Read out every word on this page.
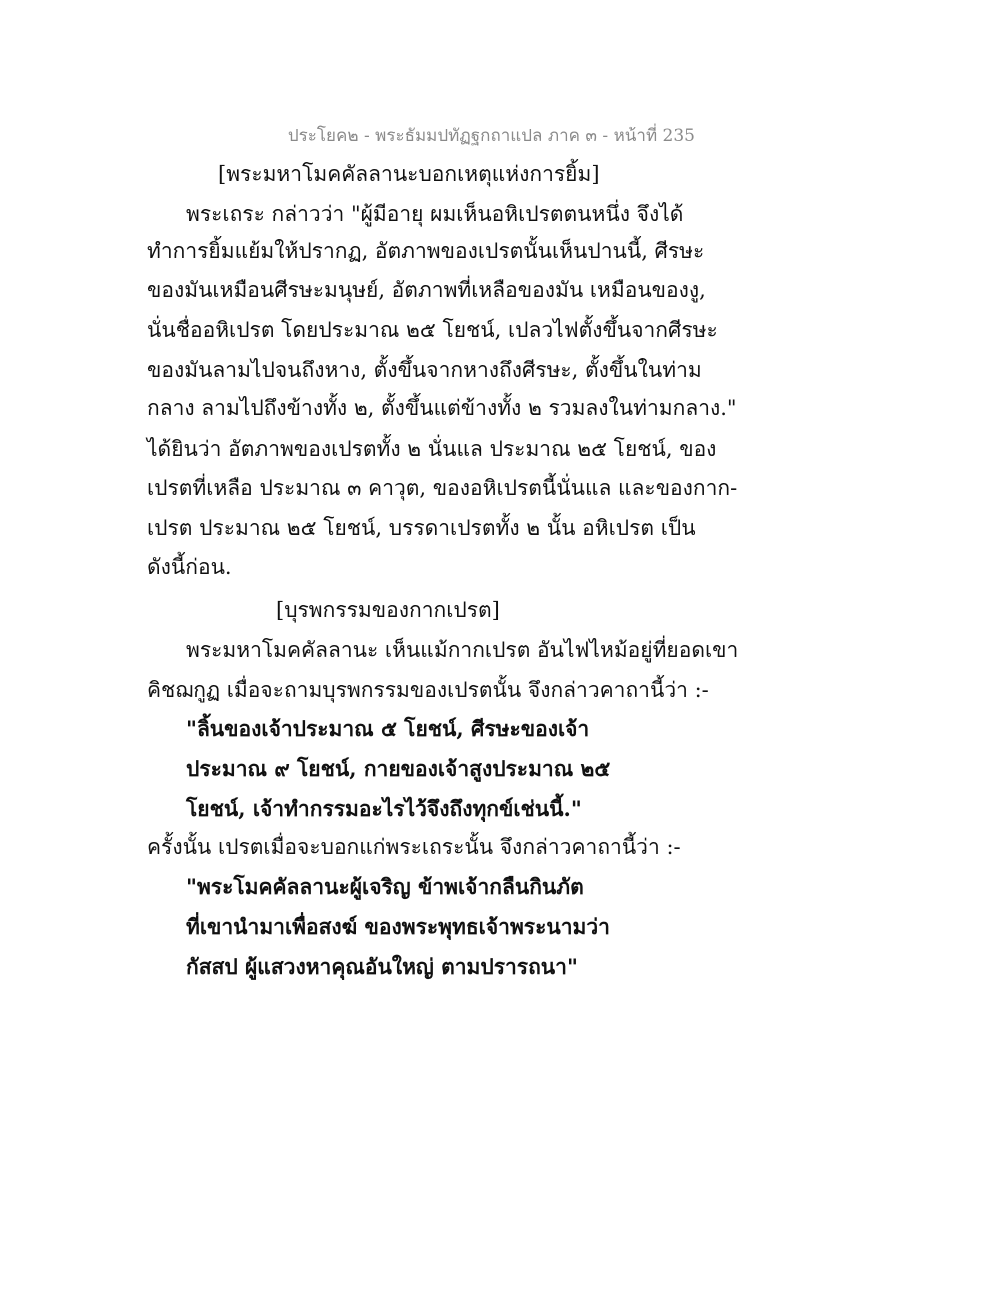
ประโยค๒ - พระธัมมปทัฏฐกถาแปล ภาค ๓ - หน้าที่ 235
[พระมหาโมคคัลลานะบอกเหตุแห่งการยิ้ม]
พระเถระ กล่าวว่า "ผู้มีอายุ ผมเห็นอหิเปรตตนหนึ่ง จึงได้
ทำการยิ้มแย้มให้ปรากฏ, อัตภาพของเปรตนั้นเห็นปานนี้, ศีรษะ
ของมันเหมือนศีรษะมนุษย์, อัตภาพที่เหลือของมัน เหมือนของงู,
นั่นชื่ออหิเปรต โดยประมาณ ๒๕ โยชน์, เปลวไฟตั้งขึ้นจากศีรษะ
ของมันลามไปจนถึงหาง, ตั้งขึ้นจากหางถึงศีรษะ, ตั้งขึ้นในท่าม
กลาง ลามไปถึงข้างทั้ง ๒, ตั้งขึ้นแต่ข้างทั้ง ๒ รวมลงในท่ามกลาง."
ได้ยินว่า อัตภาพของเปรตทั้ง ๒ นั่นแล ประมาณ ๒๕ โยชน์, ของ
เปรตที่เหลือ ประมาณ ๓ คาวุต, ของอหิเปรตนี้นั่นแล และของกาก-
เปรต ประมาณ ๒๕ โยชน์, บรรดาเปรตทั้ง ๒ นั้น อหิเปรต เป็น
ดังนี้ก่อน.
[บุรพกรรมของกากเปรต]
พระมหาโมคคัลลานะ เห็นแม้กากเปรต อันไฟไหม้อยู่ที่ยอดเขา
คิชฌกูฏ เมื่อจะถามบุรพกรรมของเปรตนั้น จึงกล่าวคาถานี้ว่า :-
"ลิ้นของเจ้าประมาณ ๕ โยชน์, ศีรษะของเจ้า
ประมาณ ๙ โยชน์, กายของเจ้าสูงประมาณ ๒๕
โยชน์, เจ้าทำกรรมอะไรไว้จึงถึงทุกข์เช่นนี้."
ครั้งนั้น เปรตเมื่อจะบอกแก่พระเถระนั้น จึงกล่าวคาถานี้ว่า :-
"พระโมคคัลลานะผู้เจริญ ข้าพเจ้ากลืนกินภัต
ที่เขานำมาเพื่อสงฆ์ ของพระพุทธเจ้าพระนามว่า
กัสสป ผู้แสวงหาคุณอันใหญ่ ตามปรารถนา"
